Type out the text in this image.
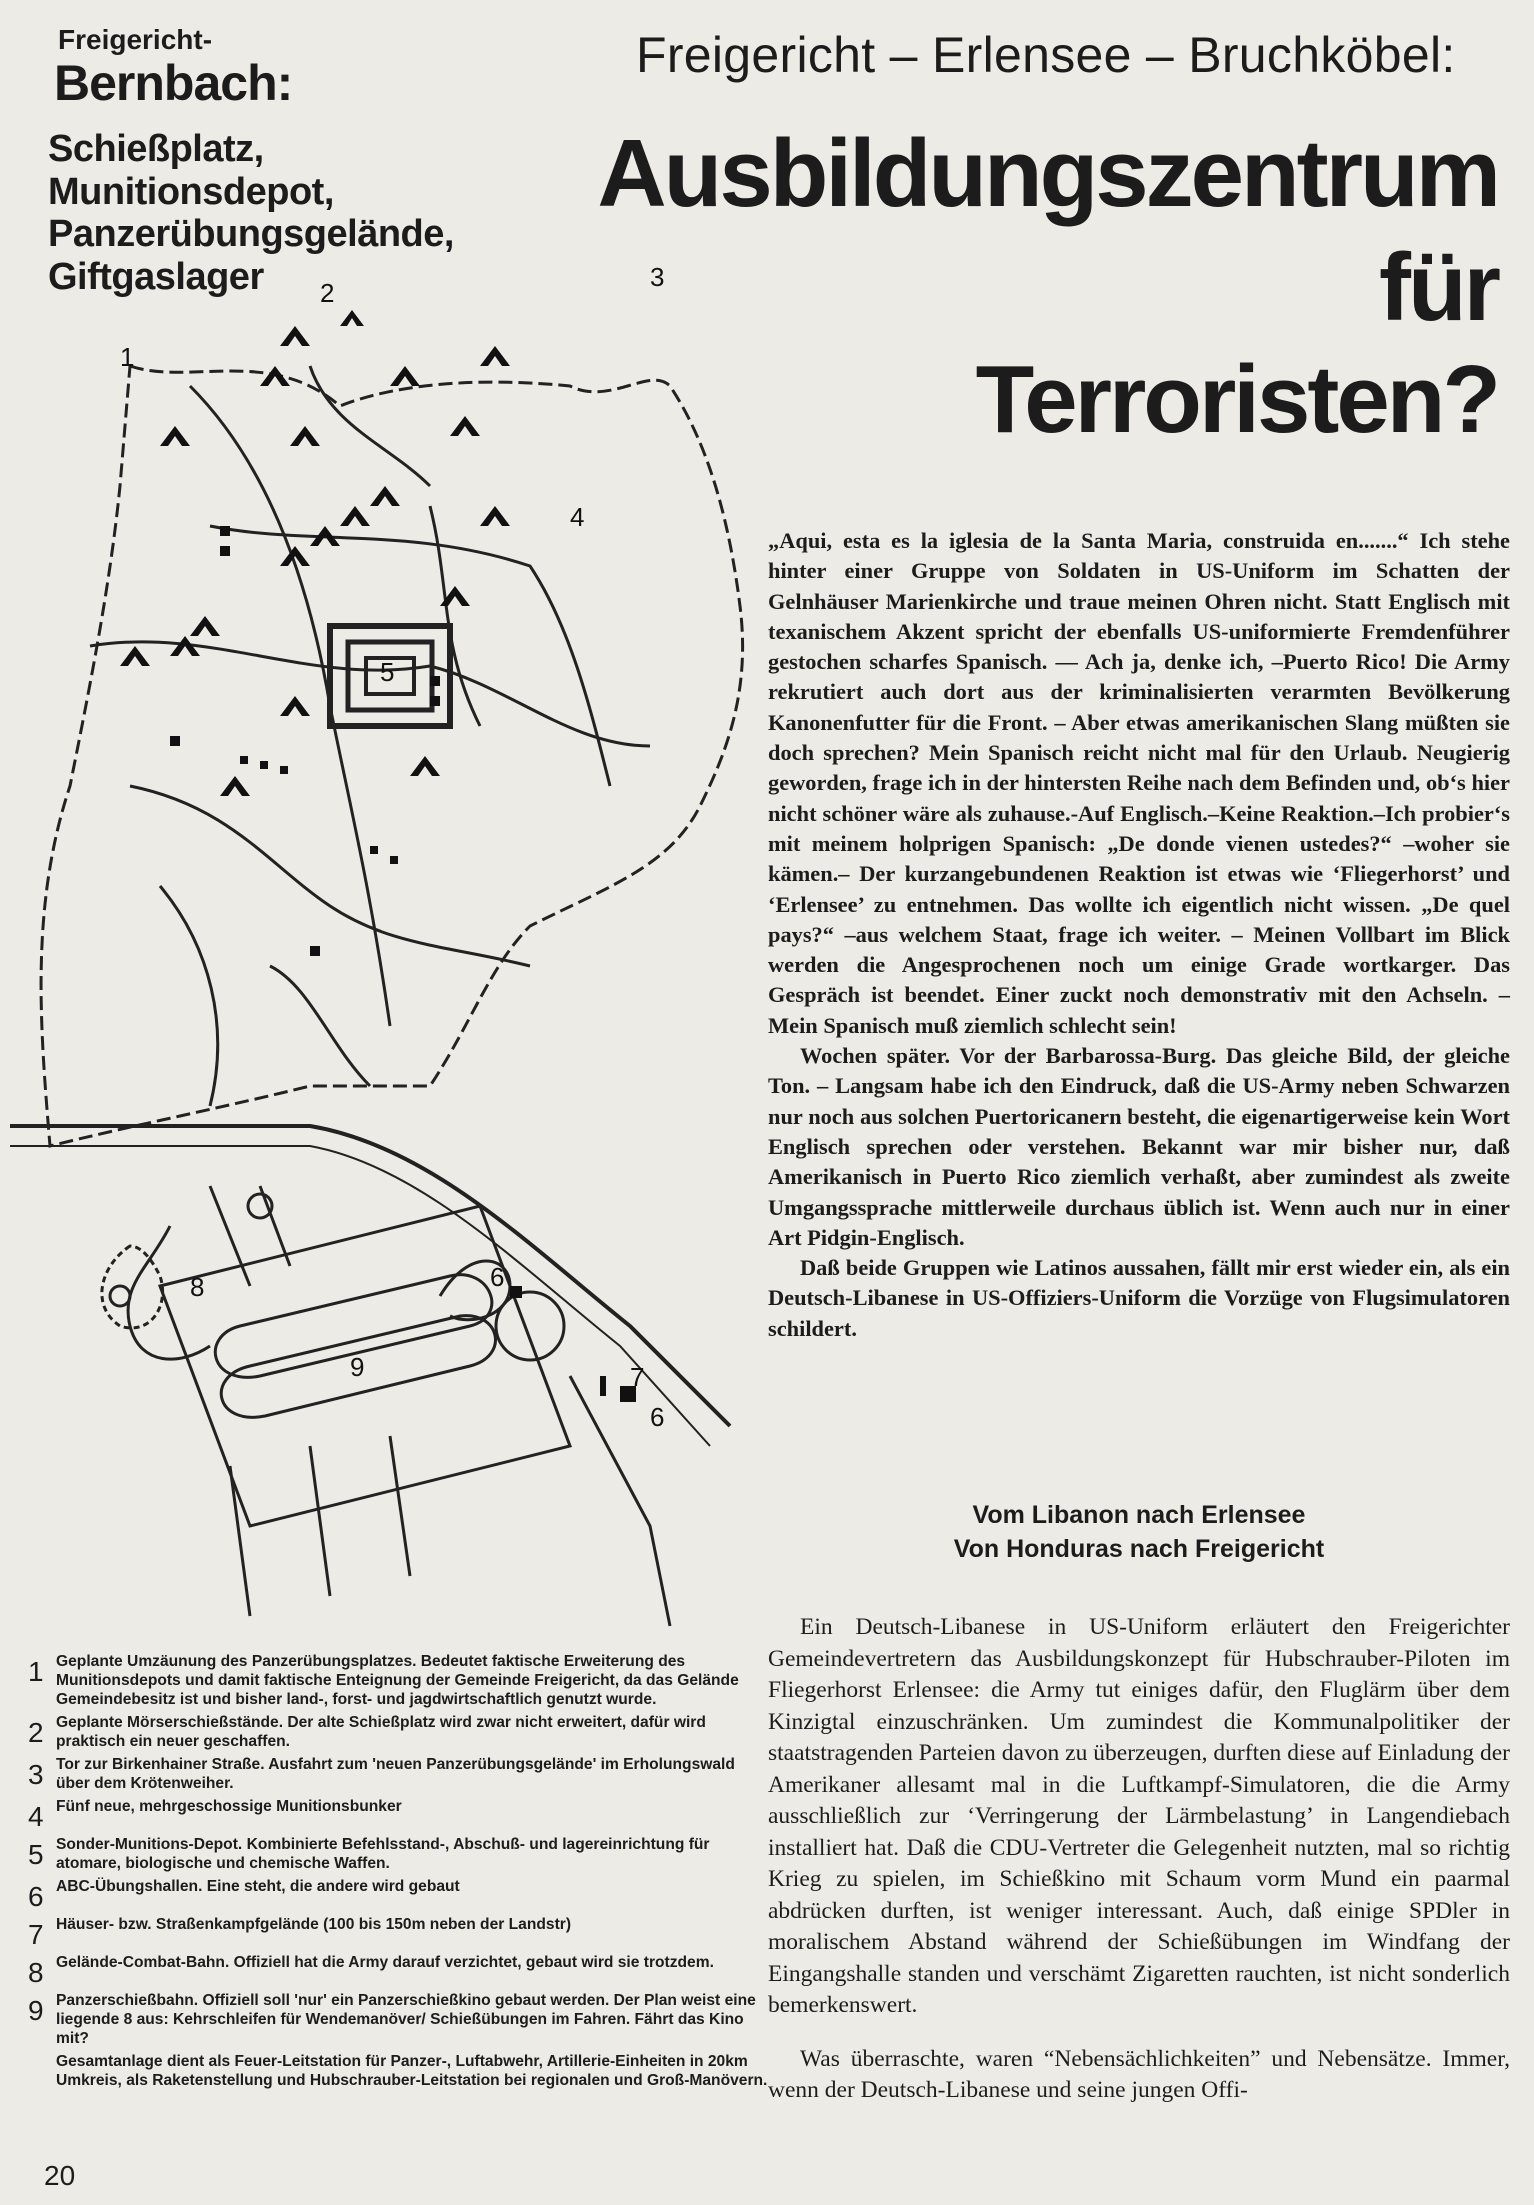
Freigericht-
Bernbach:
Schießplatz,
Munitionsdepot,
Panzerübungsgelände,
Giftgaslager
Freigericht – Erlensee – Bruchköbel:
Ausbildungszentrum
für
Terroristen?
1
2
3
4
5
6
6
7
8
9
1 Geplante Umzäunung des Panzerübungsplatzes. Bedeutet faktische Erweiterung des Munitionsdepots und damit faktische Enteignung der Gemeinde Freigericht, da das Gelände Gemeindebesitz ist und bisher land-, forst- und jagdwirtschaftlich genutzt wurde.
2 Geplante Mörserschießstände. Der alte Schießplatz wird zwar nicht erweitert, dafür wird praktisch ein neuer geschaffen.
3 Tor zur Birkenhainer Straße. Ausfahrt zum 'neuen Panzerübungsgelände' im Erholungswald über dem Krötenweiher.
4 Fünf neue, mehrgeschossige Munitionsbunker
5 Sonder-Munitions-Depot. Kombinierte Befehlsstand-, Abschuß- und lagereinrichtung für atomare, biologische und chemische Waffen.
6 ABC-Übungshallen. Eine steht, die andere wird gebaut
7 Häuser- bzw. Straßenkampfgelände (100 bis 150m neben der Landstr)
8 Gelände-Combat-Bahn. Offiziell hat die Army darauf verzichtet, gebaut wird sie trotzdem.
9 Panzerschießbahn. Offiziell soll 'nur' ein Panzerschießkino gebaut werden. Der Plan weist eine liegende 8 aus: Kehrschleifen für Wendemanöver/ Schießübungen im Fahren. Fährt das Kino mit?
Gesamtanlage dient als Feuer-Leitstation für Panzer-, Luftabwehr, Artillerie-Einheiten in 20km Umkreis, als Raketenstellung und Hubschrauber-Leitstation bei regionalen und Groß-Manövern.

„Aqui, esta es la iglesia de la Santa Maria, construida en.......“ Ich stehe hinter einer Gruppe von Soldaten in US-Uniform im Schatten der Gelnhäuser Marienkirche und traue meinen Ohren nicht. Statt Englisch mit texanischem Akzent spricht der ebenfalls US-uniformierte Fremdenführer gestochen scharfes Spanisch. — Ach ja, denke ich, –Puerto Rico! Die Army rekrutiert auch dort aus der kriminalisierten verarmten Bevölkerung Kanonenfutter für die Front. – Aber etwas amerikanischen Slang müßten sie doch sprechen? Mein Spanisch reicht nicht mal für den Urlaub. Neugierig geworden, frage ich in der hintersten Reihe nach dem Befinden und, ob‘s hier nicht schöner wäre als zuhause.-Auf Englisch.–Keine Reaktion.–Ich probier‘s mit meinem holprigen Spanisch: „De donde vienen ustedes?“ –woher sie kämen.– Der kurzangebundenen Reaktion ist etwas wie ‘Fliegerhorst’ und ‘Erlensee’ zu entnehmen. Das wollte ich eigentlich nicht wissen. „De quel pays?“ –aus welchem Staat, frage ich weiter. – Meinen Vollbart im Blick werden die Angesprochenen noch um einige Grade wortkarger. Das Gespräch ist beendet. Einer zuckt noch demonstrativ mit den Achseln. – Mein Spanisch muß ziemlich schlecht sein!

Wochen später. Vor der Barbarossa-Burg. Das gleiche Bild, der gleiche Ton. – Langsam habe ich den Eindruck, daß die US-Army neben Schwarzen nur noch aus solchen Puertoricanern besteht, die eigenartigerweise kein Wort Englisch sprechen oder verstehen. Bekannt war mir bisher nur, daß Amerikanisch in Puerto Rico ziemlich verhaßt, aber zumindest als zweite Umgangssprache mittlerweile durchaus üblich ist. Wenn auch nur in einer Art Pidgin-Englisch.

Daß beide Gruppen wie Latinos aussahen, fällt mir erst wieder ein, als ein Deutsch-Libanese in US-Offiziers-Uniform die Vorzüge von Flugsimulatoren schildert.

Vom Libanon nach Erlensee
Von Honduras nach Freigericht

Ein Deutsch-Libanese in US-Uniform erläutert den Freigerichter Gemeindevertretern das Ausbildungskonzept für Hubschrauber-Piloten im Fliegerhorst Erlensee: die Army tut einiges dafür, den Fluglärm über dem Kinzigtal einzuschränken. Um zumindest die Kommunalpolitiker der staatstragenden Parteien davon zu überzeugen, durften diese auf Einladung der Amerikaner allesamt mal in die Luftkampf-Simulatoren, die die Army ausschließlich zur ‘Verringerung der Lärmbelastung’ in Langendiebach installiert hat. Daß die CDU-Vertreter die Gelegenheit nutzten, mal so richtig Krieg zu spielen, im Schießkino mit Schaum vorm Mund ein paarmal abdrücken durften, ist weniger interessant. Auch, daß einige SPDler in moralischem Abstand während der Schießübungen im Windfang der Eingangshalle standen und verschämt Zigaretten rauchten, ist nicht sonderlich bemerkenswert.

Was überraschte, waren “Nebensächlichkeiten” und Nebensätze. Immer, wenn der Deutsch-Libanese und seine jungen Offi-

20
